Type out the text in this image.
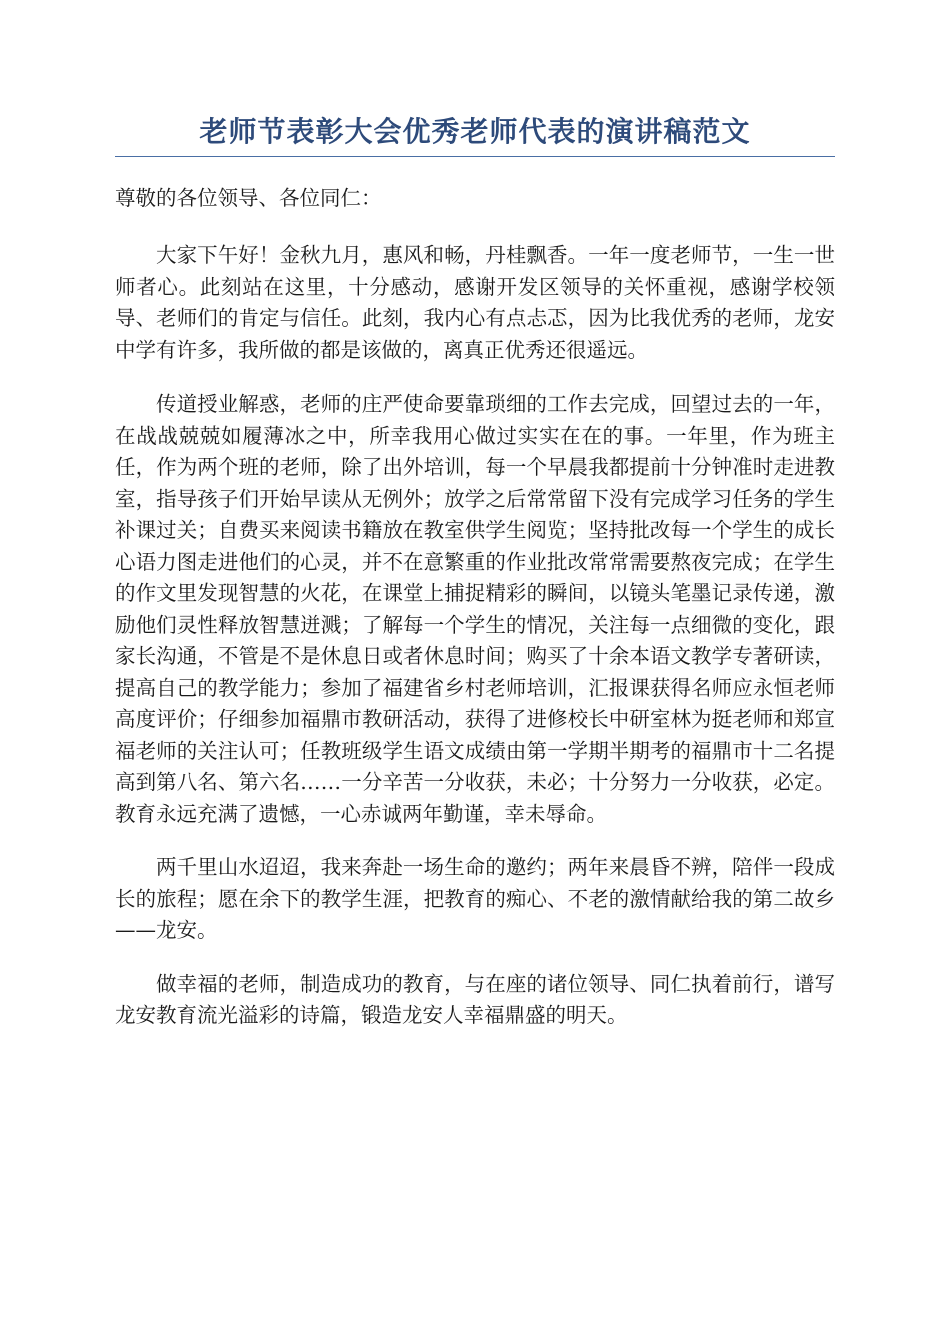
老师节表彰大会优秀老师代表的演讲稿范文

尊敬的各位领导、各位同仁：

大家下午好！金秋九月，惠风和畅，丹桂飘香。一年一度老师节，一生一世师者心。此刻站在这里，十分感动，感谢开发区领导的关怀重视，感谢学校领导、老师们的肯定与信任。此刻，我内心有点忐忑，因为比我优秀的老师，龙安中学有许多，我所做的都是该做的，离真正优秀还很遥远。

传道授业解惑，老师的庄严使命要靠琐细的工作去完成，回望过去的一年，在战战兢兢如履薄冰之中，所幸我用心做过实实在在的事。一年里，作为班主任，作为两个班的老师，除了出外培训，每一个早晨我都提前十分钟准时走进教室，指导孩子们开始早读从无例外；放学之后常常留下没有完成学习任务的学生补课过关；自费买来阅读书籍放在教室供学生阅览；坚持批改每一个学生的成长心语力图走进他们的心灵，并不在意繁重的作业批改常常需要熬夜完成；在学生的作文里发现智慧的火花，在课堂上捕捉精彩的瞬间，以镜头笔墨记录传递，激励他们灵性释放智慧迸溅；了解每一个学生的情况，关注每一点细微的变化，跟家长沟通，不管是不是休息日或者休息时间；购买了十余本语文教学专著研读，提高自己的教学能力；参加了福建省乡村老师培训，汇报课获得名师应永恒老师高度评价；仔细参加福鼎市教研活动，获得了进修校长中研室林为挺老师和郑宣福老师的关注认可；任教班级学生语文成绩由第一学期半期考的福鼎市十二名提高到第八名、第六名……一分辛苦一分收获，未必；十分努力一分收获，必定。教育永远充满了遗憾，一心赤诚两年勤谨，幸未辱命。

两千里山水迢迢，我来奔赴一场生命的邀约；两年来晨昏不辨，陪伴一段成长的旅程；愿在余下的教学生涯，把教育的痴心、不老的激情献给我的第二故乡——龙安。

做幸福的老师，制造成功的教育，与在座的诸位领导、同仁执着前行，谱写龙安教育流光溢彩的诗篇，锻造龙安人幸福鼎盛的明天。
